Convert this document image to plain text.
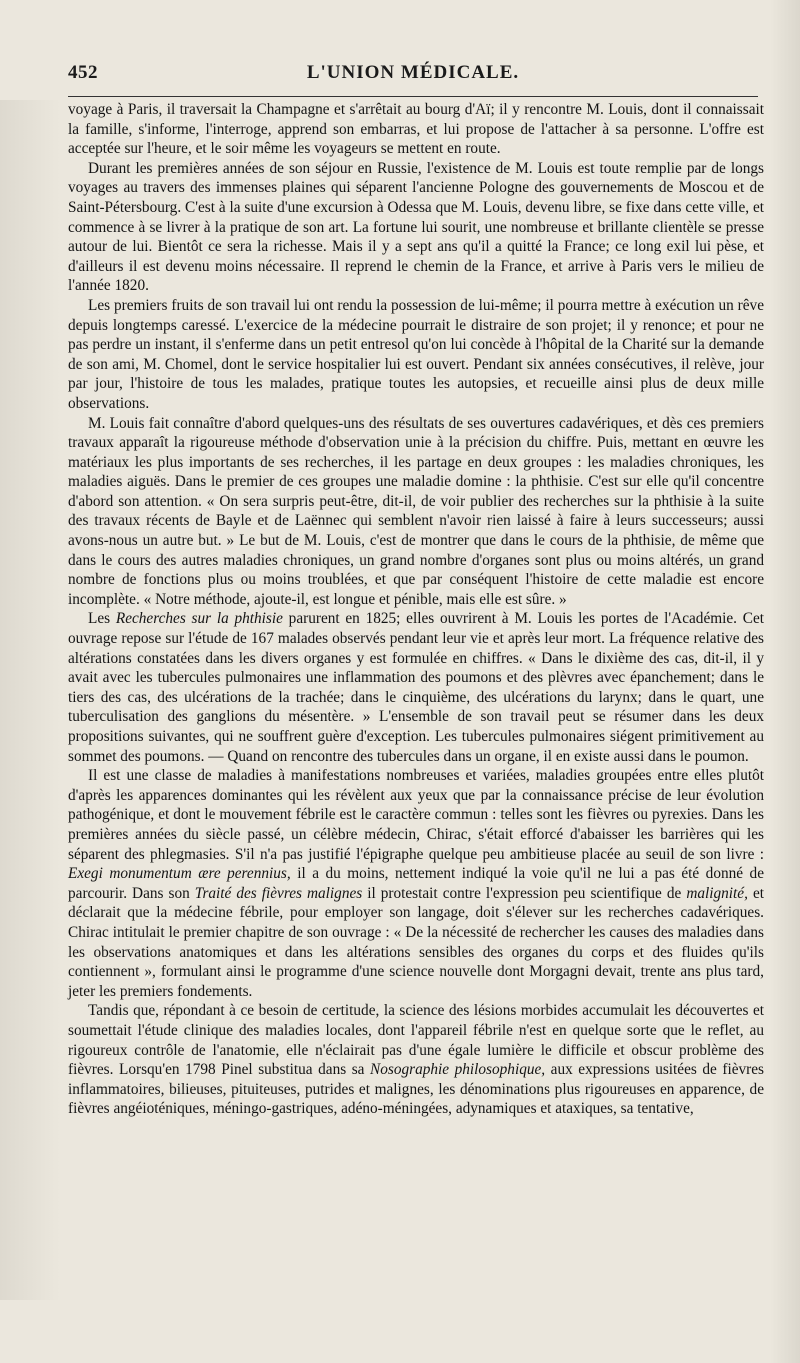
452	L'UNION MÉDICALE.

voyage à Paris, il traversait la Champagne et s'arrêtait au bourg d'Aï; il y rencontre M. Louis, dont il connaissait la famille, s'informe, l'interroge, apprend son embarras, et lui propose de l'attacher à sa personne. L'offre est acceptée sur l'heure, et le soir même les voyageurs se mettent en route.

Durant les premières années de son séjour en Russie, l'existence de M. Louis est toute remplie par de longs voyages au travers des immenses plaines qui séparent l'ancienne Pologne des gouvernements de Moscou et de Saint-Pétersbourg. C'est à la suite d'une excursion à Odessa que M. Louis, devenu libre, se fixe dans cette ville, et commence à se livrer à la pratique de son art. La fortune lui sourit, une nombreuse et brillante clientèle se presse autour de lui. Bientôt ce sera la richesse. Mais il y a sept ans qu'il a quitté la France; ce long exil lui pèse, et d'ailleurs il est devenu moins nécessaire. Il reprend le chemin de la France, et arrive à Paris vers le milieu de l'année 1820.

Les premiers fruits de son travail lui ont rendu la possession de lui-même; il pourra mettre à exécution un rêve depuis longtemps caressé. L'exercice de la médecine pourrait le distraire de son projet; il y renonce; et pour ne pas perdre un instant, il s'enferme dans un petit entresol qu'on lui concède à l'hôpital de la Charité sur la demande de son ami, M. Chomel, dont le service hospitalier lui est ouvert. Pendant six années consécutives, il relève, jour par jour, l'histoire de tous les malades, pratique toutes les autopsies, et recueille ainsi plus de deux mille observations.

M. Louis fait connaître d'abord quelques-uns des résultats de ses ouvertures cadavériques, et dès ces premiers travaux apparaît la rigoureuse méthode d'observation unie à la précision du chiffre. Puis, mettant en œuvre les matériaux les plus importants de ses recherches, il les partage en deux groupes : les maladies chroniques, les maladies aiguës. Dans le premier de ces groupes une maladie domine : la phthisie. C'est sur elle qu'il concentre d'abord son attention. « On sera surpris peut-être, dit-il, de voir publier des recherches sur la phthisie à la suite des travaux récents de Bayle et de Laënnec qui semblent n'avoir rien laissé à faire à leurs successeurs; aussi avons-nous un autre but. » Le but de M. Louis, c'est de montrer que dans le cours de la phthisie, de même que dans le cours des autres maladies chroniques, un grand nombre d'organes sont plus ou moins altérés, un grand nombre de fonctions plus ou moins troublées, et que par conséquent l'histoire de cette maladie est encore incomplète. « Notre méthode, ajoute-il, est longue et pénible, mais elle est sûre. »

Les Recherches sur la phthisie parurent en 1825; elles ouvrirent à M. Louis les portes de l'Académie. Cet ouvrage repose sur l'étude de 167 malades observés pendant leur vie et après leur mort. La fréquence relative des altérations constatées dans les divers organes y est formulée en chiffres. « Dans le dixième des cas, dit-il, il y avait avec les tubercules pulmonaires une inflammation des poumons et des plèvres avec épanchement; dans le tiers des cas, des ulcérations de la trachée; dans le cinquième, des ulcérations du larynx; dans le quart, une tuberculisation des ganglions du mésentère. » L'ensemble de son travail peut se résumer dans les deux propositions suivantes, qui ne souffrent guère d'exception. Les tubercules pulmonaires siégent primitivement au sommet des poumons. — Quand on rencontre des tubercules dans un organe, il en existe aussi dans le poumon.

Il est une classe de maladies à manifestations nombreuses et variées, maladies groupées entre elles plutôt d'après les apparences dominantes qui les révèlent aux yeux que par la connaissance précise de leur évolution pathogénique, et dont le mouvement fébrile est le caractère commun : telles sont les fièvres ou pyrexies. Dans les premières années du siècle passé, un célèbre médecin, Chirac, s'était efforcé d'abaisser les barrières qui les séparent des phlegmasies. S'il n'a pas justifié l'épigraphe quelque peu ambitieuse placée au seuil de son livre : Exegi monumentum ære perennius, il a du moins, nettement indiqué la voie qu'il ne lui a pas été donné de parcourir. Dans son Traité des fièvres malignes il protestait contre l'expression peu scientifique de malignité, et déclarait que la médecine fébrile, pour employer son langage, doit s'élever sur les recherches cadavériques. Chirac intitulait le premier chapitre de son ouvrage : « De la nécessité de rechercher les causes des maladies dans les observations anatomiques et dans les altérations sensibles des organes du corps et des fluides qu'ils contiennent », formulant ainsi le programme d'une science nouvelle dont Morgagni devait, trente ans plus tard, jeter les premiers fondements.

Tandis que, répondant à ce besoin de certitude, la science des lésions morbides accumulait les découvertes et soumettait l'étude clinique des maladies locales, dont l'appareil fébrile n'est en quelque sorte que le reflet, au rigoureux contrôle de l'anatomie, elle n'éclairait pas d'une égale lumière le difficile et obscur problème des fièvres. Lorsqu'en 1798 Pinel substitua dans sa Nosographie philosophique, aux expressions usitées de fièvres inflammatoires, bilieuses, pituiteuses, putrides et malignes, les dénominations plus rigoureuses en apparence, de fièvres angéioténiques, méningo-gastriques, adéno-méningées, adynamiques et ataxiques, sa tentative,
